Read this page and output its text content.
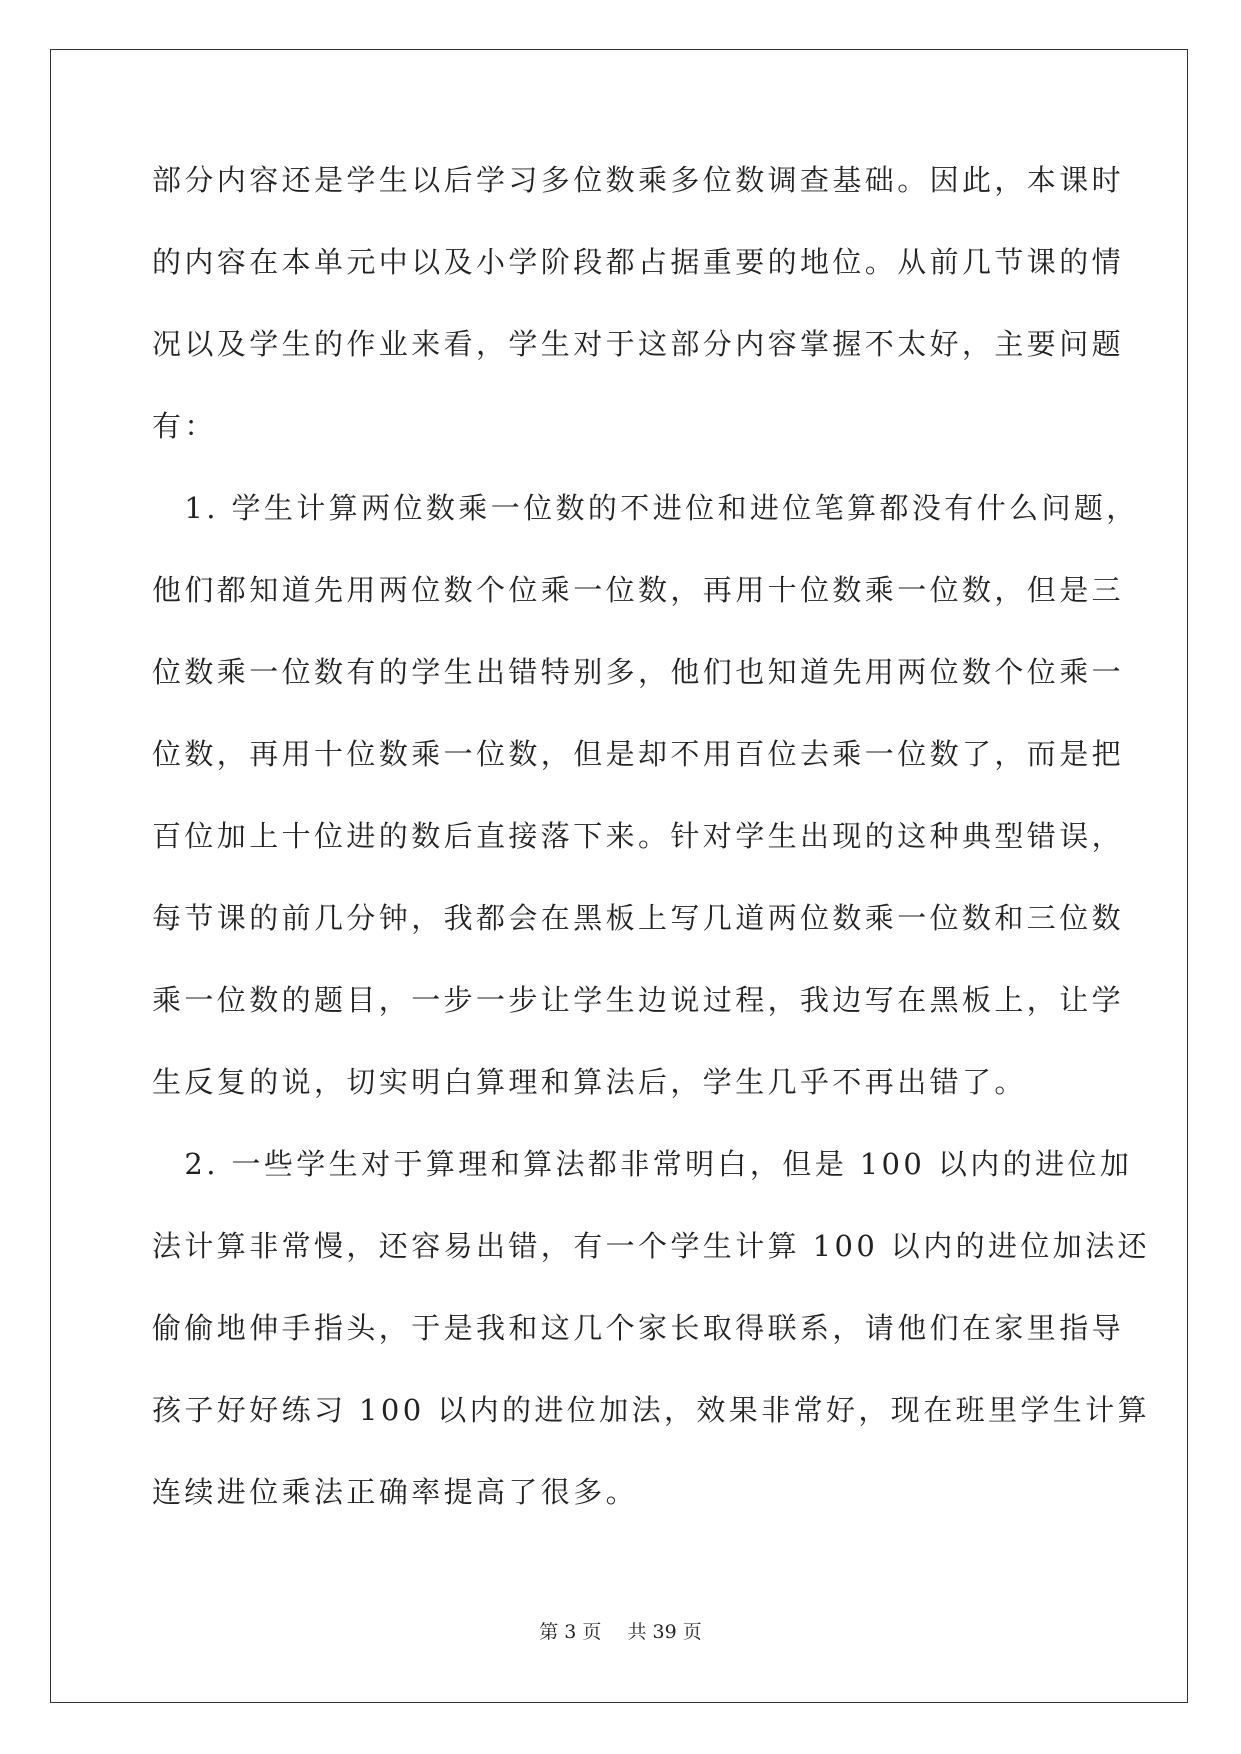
部分内容还是学生以后学习多位数乘多位数调查基础。因此，本课时
的内容在本单元中以及小学阶段都占据重要的地位。从前几节课的情
况以及学生的作业来看，学生对于这部分内容掌握不太好，主要问题
有：
　1. 学生计算两位数乘一位数的不进位和进位笔算都没有什么问题，
他们都知道先用两位数个位乘一位数，再用十位数乘一位数，但是三
位数乘一位数有的学生出错特别多，他们也知道先用两位数个位乘一
位数，再用十位数乘一位数，但是却不用百位去乘一位数了，而是把
百位加上十位进的数后直接落下来。针对学生出现的这种典型错误，
每节课的前几分钟，我都会在黑板上写几道两位数乘一位数和三位数
乘一位数的题目，一步一步让学生边说过程，我边写在黑板上，让学
生反复的说，切实明白算理和算法后，学生几乎不再出错了。
　2. 一些学生对于算理和算法都非常明白，但是 100 以内的进位加
法计算非常慢，还容易出错，有一个学生计算 100 以内的进位加法还
偷偷地伸手指头，于是我和这几个家长取得联系，请他们在家里指导
孩子好好练习 100 以内的进位加法，效果非常好，现在班里学生计算
连续进位乘法正确率提高了很多。
第 3 页 共 39 页
